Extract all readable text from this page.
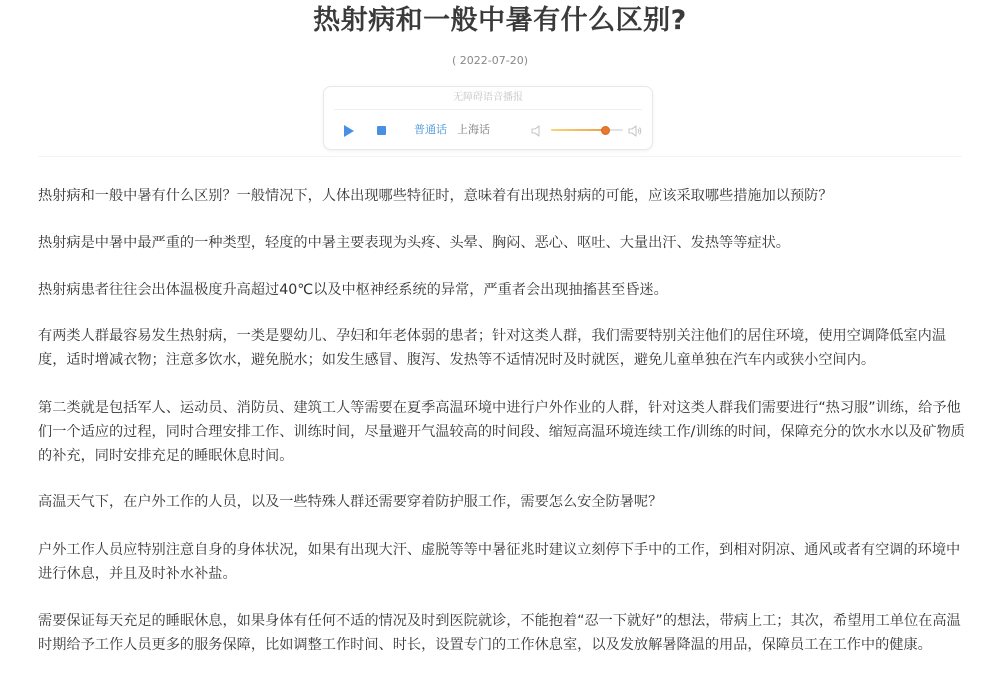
热射病和一般中暑有什么区别?
( 2022-07-20)
无障碍语音播报
普通话 上海话

热射病和一般中暑有什么区别？一般情况下，人体出现哪些特征时，意味着有出现热射病的可能，应该采取哪些措施加以预防？

热射病是中暑中最严重的一种类型，轻度的中暑主要表现为头疼、头晕、胸闷、恶心、呕吐、大量出汗、发热等等症状。

热射病患者往往会出体温极度升高超过40℃以及中枢神经系统的异常，严重者会出现抽搐甚至昏迷。

有两类人群最容易发生热射病，一类是婴幼儿、孕妇和年老体弱的患者；针对这类人群，我们需要特别关注他们的居住环境，使用空调降低室内温度，适时增减衣物；注意多饮水，避免脱水；如发生感冒、腹泻、发热等不适情况时及时就医，避免儿童单独在汽车内或狭小空间内。

第二类就是包括军人、运动员、消防员、建筑工人等需要在夏季高温环境中进行户外作业的人群，针对这类人群我们需要进行“热习服”训练，给予他们一个适应的过程，同时合理安排工作、训练时间，尽量避开气温较高的时间段、缩短高温环境连续工作/训练的时间，保障充分的饮水水以及矿物质的补充，同时安排充足的睡眠休息时间。

高温天气下，在户外工作的人员，以及一些特殊人群还需要穿着防护服工作，需要怎么安全防暑呢？

户外工作人员应特别注意自身的身体状况，如果有出现大汗、虚脱等等中暑征兆时建议立刻停下手中的工作，到相对阴凉、通风或者有空调的环境中进行休息，并且及时补水补盐。

需要保证每天充足的睡眠休息，如果身体有任何不适的情况及时到医院就诊，不能抱着“忍一下就好”的想法，带病上工；其次，希望用工单位在高温时期给予工作人员更多的服务保障，比如调整工作时间、时长，设置专门的工作休息室，以及发放解暑降温的用品，保障员工在工作中的健康。
